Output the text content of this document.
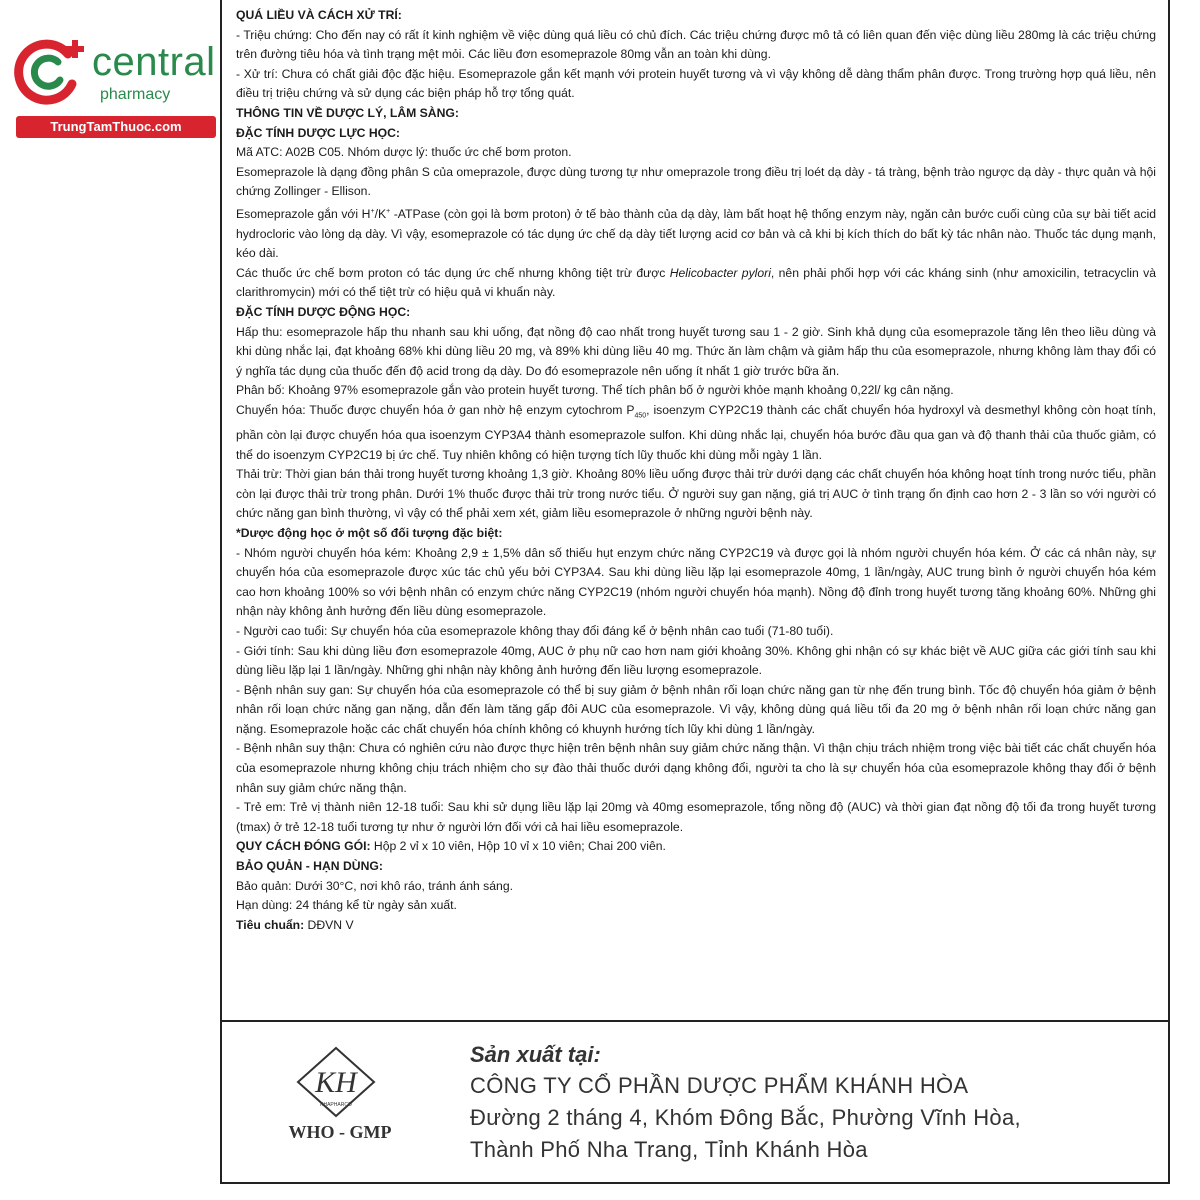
central
pharmacy
TrungTamThuoc.com

QUÁ LIỀU VÀ CÁCH XỬ TRÍ:

- Triệu chứng: Cho đến nay có rất ít kinh nghiệm về việc dùng quá liều có chủ đích. Các triệu chứng được mô tả có liên quan đến việc dùng liều 280mg là các triệu chứng trên đường tiêu hóa và tình trạng mệt mỏi. Các liều đơn esomeprazole 80mg vẫn an toàn khi dùng.

- Xử trí: Chưa có chất giải độc đặc hiệu. Esomeprazole gắn kết mạnh với protein huyết tương và vì vậy không dễ dàng thẩm phân được. Trong trường hợp quá liều, nên điều trị triệu chứng và sử dụng các biện pháp hỗ trợ tổng quát.

THÔNG TIN VỀ DƯỢC LÝ, LÂM SÀNG:

ĐẶC TÍNH DƯỢC LỰC HỌC:

Mã ATC: A02B C05. Nhóm dược lý: thuốc ức chế bơm proton.

Esomeprazole là dạng đồng phân S của omeprazole, được dùng tương tự như omeprazole trong điều trị loét dạ dày - tá tràng, bệnh trào ngược dạ dày - thực quản và hội chứng Zollinger - Ellison.

Esomeprazole gắn với H+/K+ -ATPase (còn gọi là bơm proton) ở tế bào thành của dạ dày, làm bất hoạt hệ thống enzym này, ngăn cản bước cuối cùng của sự bài tiết acid hydrocloric vào lòng dạ dày. Vì vậy, esomeprazole có tác dụng ức chế dạ dày tiết lượng acid cơ bản và cả khi bị kích thích do bất kỳ tác nhân nào. Thuốc tác dụng mạnh, kéo dài.

Các thuốc ức chế bơm proton có tác dụng ức chế nhưng không tiệt trừ được Helicobacter pylori, nên phải phối hợp với các kháng sinh (như amoxicilin, tetracyclin và clarithromycin) mới có thể tiệt trừ có hiệu quả vi khuẩn này.

ĐẶC TÍNH DƯỢC ĐỘNG HỌC:

Hấp thu: esomeprazole hấp thu nhanh sau khi uống, đạt nồng độ cao nhất trong huyết tương sau 1 - 2 giờ. Sinh khả dụng của esomeprazole tăng lên theo liều dùng và khi dùng nhắc lại, đạt khoảng 68% khi dùng liều 20 mg, và 89% khi dùng liều 40 mg. Thức ăn làm chậm và giảm hấp thu của esomeprazole, nhưng không làm thay đổi có ý nghĩa tác dụng của thuốc đến độ acid trong dạ dày. Do đó esomeprazole nên uống ít nhất 1 giờ trước bữa ăn.

Phân bố: Khoảng 97% esomeprazole gắn vào protein huyết tương. Thể tích phân bố ở người khỏe mạnh khoảng 0,22l/ kg cân nặng.

Chuyển hóa: Thuốc được chuyển hóa ở gan nhờ hệ enzym cytochrom $P_{450}$, isoenzym CYP2C19 thành các chất chuyển hóa hydroxyl và desmethyl không còn hoạt tính, phần còn lại được chuyển hóa qua isoenzym CYP3A4 thành esomeprazole sulfon. Khi dùng nhắc lại, chuyển hóa bước đầu qua gan và độ thanh thải của thuốc giảm, có thể do isoenzym CYP2C19 bị ức chế. Tuy nhiên không có hiện tượng tích lũy thuốc khi dùng mỗi ngày 1 lần.

Thải trừ: Thời gian bán thải trong huyết tương khoảng 1,3 giờ. Khoảng 80% liều uống được thải trừ dưới dạng các chất chuyển hóa không hoạt tính trong nước tiểu, phần còn lại được thải trừ trong phân. Dưới 1% thuốc được thải trừ trong nước tiểu. Ở người suy gan nặng, giá trị AUC ở tình trạng ổn định cao hơn 2 - 3 lần so với người có chức năng gan bình thường, vì vậy có thể phải xem xét, giảm liều esomeprazole ở những người bệnh này.

*Dược động học ở một số đối tượng đặc biệt:

- Nhóm người chuyển hóa kém: Khoảng 2,9 ± 1,5% dân số thiếu hụt enzym chức năng CYP2C19 và được gọi là nhóm người chuyển hóa kém. Ở các cá nhân này, sự chuyển hóa của esomeprazole được xúc tác chủ yếu bởi CYP3A4. Sau khi dùng liều lặp lại esomeprazole 40mg, 1 lần/ngày, AUC trung bình ở người chuyển hóa kém cao hơn khoảng 100% so với bệnh nhân có enzym chức năng CYP2C19 (nhóm người chuyển hóa mạnh). Nồng độ đỉnh trong huyết tương tăng khoảng 60%. Những ghi nhận này không ảnh hưởng đến liều dùng esomeprazole.

- Người cao tuổi: Sự chuyển hóa của esomeprazole không thay đổi đáng kể ở bệnh nhân cao tuổi (71-80 tuổi).

- Giới tính: Sau khi dùng liều đơn esomeprazole 40mg, AUC ở phụ nữ cao hơn nam giới khoảng 30%. Không ghi nhận có sự khác biệt về AUC giữa các giới tính sau khi dùng liều lặp lại 1 lần/ngày. Những ghi nhận này không ảnh hưởng đến liều lượng esomeprazole.

- Bệnh nhân suy gan: Sự chuyển hóa của esomeprazole có thể bị suy giảm ở bệnh nhân rối loạn chức năng gan từ nhẹ đến trung bình. Tốc độ chuyển hóa giảm ở bệnh nhân rối loạn chức năng gan nặng, dẫn đến làm tăng gấp đôi AUC của esomeprazole. Vì vậy, không dùng quá liều tối đa 20 mg ở bệnh nhân rối loạn chức năng gan nặng. Esomeprazole hoặc các chất chuyển hóa chính không có khuynh hướng tích lũy khi dùng 1 lần/ngày.

- Bệnh nhân suy thận: Chưa có nghiên cứu nào được thực hiện trên bệnh nhân suy giảm chức năng thận. Vì thận chịu trách nhiệm trong việc bài tiết các chất chuyển hóa của esomeprazole nhưng không chịu trách nhiệm cho sự đào thải thuốc dưới dạng không đổi, người ta cho là sự chuyển hóa của esomeprazole không thay đổi ở bệnh nhân suy giảm chức năng thận.

- Trẻ em: Trẻ vị thành niên 12-18 tuổi: Sau khi sử dụng liều lặp lại 20mg và 40mg esomeprazole, tổng nồng độ (AUC) và thời gian đạt nồng độ tối đa trong huyết tương (tmax) ở trẻ 12-18 tuổi tương tự như ở người lớn đối với cả hai liều esomeprazole.

QUY CÁCH ĐÓNG GÓI: Hộp 2 vỉ x 10 viên, Hộp 10 vỉ x 10 viên; Chai 200 viên.

BẢO QUẢN - HẠN DÙNG:

Bảo quản: Dưới 30°C, nơi khô ráo, tránh ánh sáng.

Hạn dùng: 24 tháng kể từ ngày sản xuất.

Tiêu chuẩn: DĐVN V

KH
KHAPHARCO
WHO - GMP
Sản xuất tại:
CÔNG TY CỔ PHẦN DƯỢC PHẨM KHÁNH HÒA
Đường 2 tháng 4, Khóm Đông Bắc, Phường Vĩnh Hòa,
Thành Phố Nha Trang, Tỉnh Khánh Hòa
